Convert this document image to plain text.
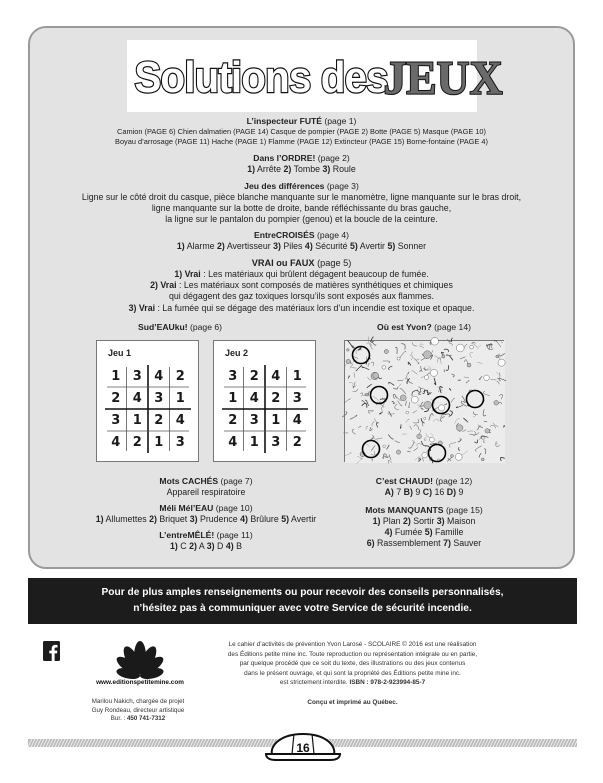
Solutions des
JEUX
L’inspecteur FUTÉ (page 1)
Camion (PAGE 6) Chien dalmatien (PAGE 14) Casque de pompier (PAGE 2) Botte (PAGE 5) Masque (PAGE 10)
Boyau d’arrosage (PAGE 11) Hache (PAGE 1) Flamme (PAGE 12) Extincteur (PAGE 15) Borne-fontaine (PAGE 4)
Dans l’ORDRE! (page 2)
1) Arrête 2) Tombe 3) Roule
Jeu des différences (page 3)
Ligne sur le côté droit du casque, pièce blanche manquante sur le manomètre, ligne manquante sur le bras droit,
ligne manquante sur la botte de droite, bande réfléchissante du bras gauche,
la ligne sur le pantalon du pompier (genou) et la boucle de la ceinture.
EntreCROISÉS (page 4)
1) Alarme 2) Avertisseur 3) Piles 4) Sécurité 5) Avertir 5) Sonner
VRAI ou FAUX (page 5)
1) Vrai : Les matériaux qui brûlent dégagent beaucoup de fumée.
2) Vrai : Les matériaux sont composés de matières synthétiques et chimiques
qui dégagent des gaz toxiques lorsqu’ils sont exposés aux flammes.
3) Vrai : La fumée qui se dégage des matériaux lors d’un incendie est toxique et opaque.
Sud’EAUku! (page 6)	Où est Yvon? (page 14)
Jeu 1
1 3 4 2
2 4 3 1
3 1 2 4
4 2 1 3
Jeu 2
3 2 4 1
1 4 2 3
2 3 1 4
4 1 3 2
Mots CACHÉS (page 7)
Appareil respiratoire
Méli Mél’EAU (page 10)
1) Allumettes 2) Briquet 3) Prudence 4) Brûlure 5) Avertir
L’entreMÊLÉ! (page 11)
1) C 2) A 3) D 4) B
C’est CHAUD! (page 12)
A) 7 B) 9 C) 16 D) 9
Mots MANQUANTS (page 15)
1) Plan 2) Sortir 3) Maison
4) Fumée 5) Famille
6) Rassemblement 7) Sauver
Pour de plus amples renseignements ou pour recevoir des conseils personnalisés,
n’hésitez pas à communiquer avec votre Service de sécurité incendie.
www.editionspetitemine.com
Marilou Nakich, chargée de projet
Guy Rondeau, directeur artistique
Bur. : 450 741-7312
Le cahier d’activités de prévention Yvon Larosé - SCOLAIRE © 2016 est une réalisation
des Éditions petite mine inc. Toute reproduction ou représentation intégrale ou en partie,
par quelque procédé que ce soit du texte, des illustrations ou des jeux contenus
dans le présent ouvrage, et qui sont la propriété des Éditions petite mine inc.
est strictement interdite. ISBN : 978-2-923994-85-7
Conçu et imprimé au Québec.
16
